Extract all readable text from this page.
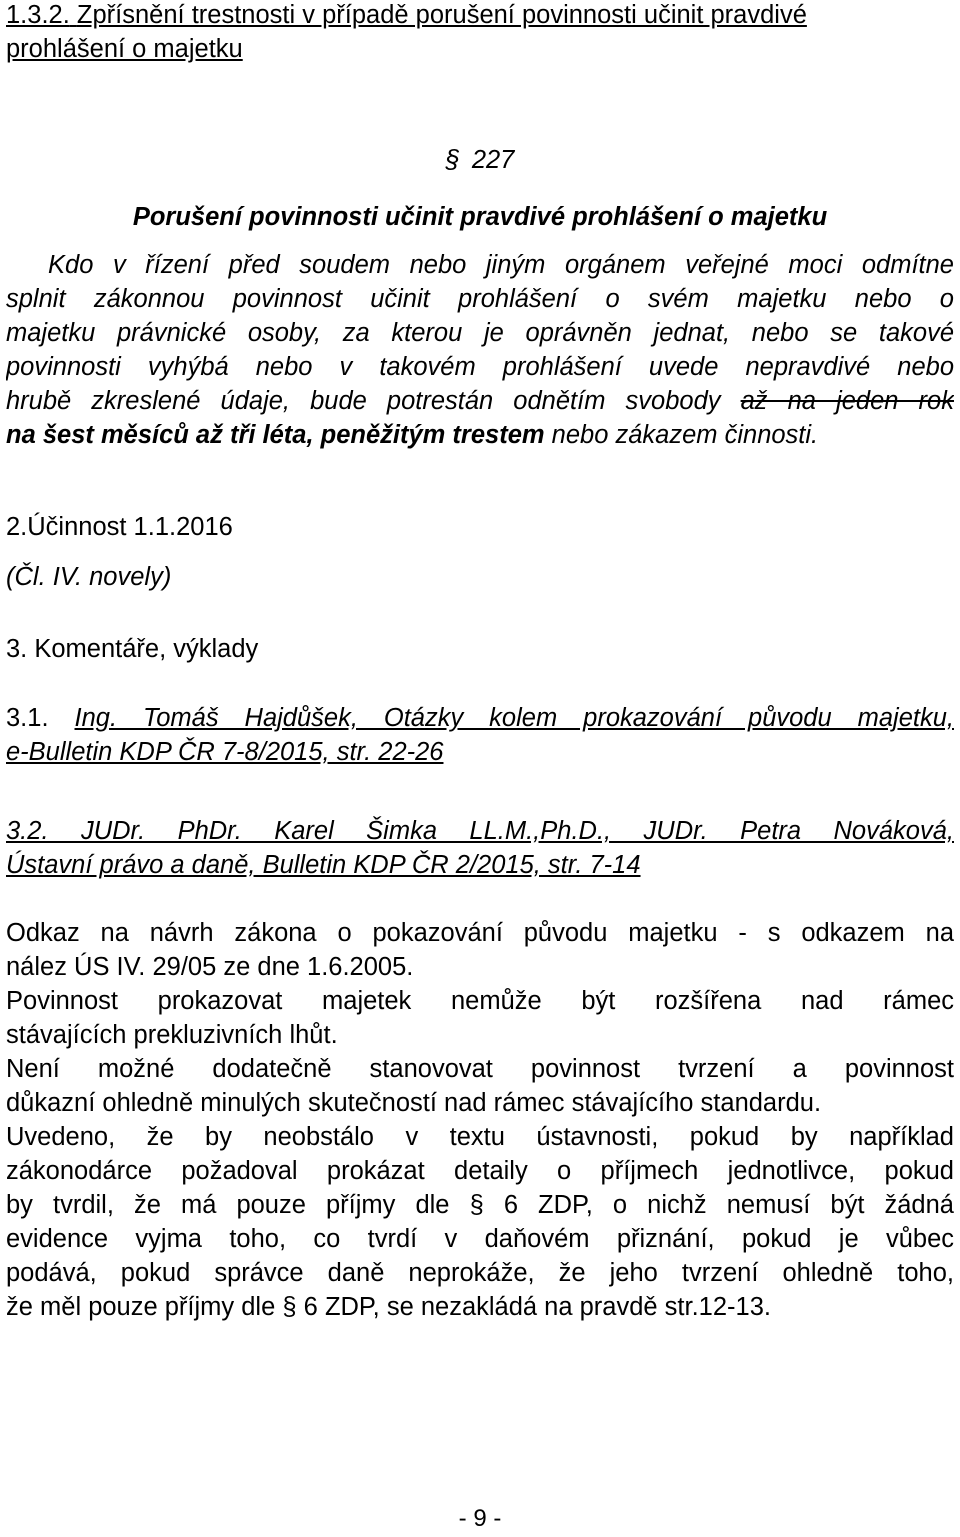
1.3.2. Zpřísnění trestnosti v případě porušení povinnosti učinit pravdivé
prohlášení o majetku
§ 227
Porušení povinnosti učinit pravdivé prohlášení o majetku
Kdo v řízení před soudem nebo jiným orgánem veřejné moci odmítne
splnit zákonnou povinnost učinit prohlášení o svém majetku nebo o
majetku právnické osoby, za kterou je oprávněn jednat, nebo se takové
povinnosti vyhýbá nebo v takovém prohlášení uvede nepravdivé nebo
hrubě zkreslené údaje, bude potrestán odnětím svobody až na jeden rok
na šest měsíců až tři léta, peněžitým trestem nebo zákazem činnosti.
2.Účinnost 1.1.2016
(Čl. IV. novely)
3. Komentáře, výklady
3.1. Ing. Tomáš Hajdůšek, Otázky kolem prokazování původu majetku,
e-Bulletin KDP ČR 7-8/2015, str. 22-26
3.2. JUDr. PhDr. Karel Šimka LL.M.,Ph.D., JUDr. Petra Nováková,
Ústavní právo a daně, Bulletin KDP ČR 2/2015, str. 7-14
Odkaz na návrh zákona o pokazování původu majetku - s odkazem na
nález ÚS IV. 29/05 ze dne 1.6.2005.
Povinnost prokazovat majetek nemůže být rozšířena nad rámec
stávajících prekluzivních lhůt.
Není možné dodatečně stanovovat povinnost tvrzení a povinnost
důkazní ohledně minulých skutečností nad rámec stávajícího standardu.
Uvedeno, že by neobstálo v textu ústavnosti, pokud by například
zákonodárce požadoval prokázat detaily o příjmech jednotlivce, pokud
by tvrdil, že má pouze příjmy dle § 6 ZDP, o nichž nemusí být žádná
evidence vyjma toho, co tvrdí v daňovém přiznání, pokud je vůbec
podává, pokud správce daně neprokáže, že jeho tvrzení ohledně toho,
že měl pouze příjmy dle § 6 ZDP, se nezakládá na pravdě str.12-13.
- 9 -
